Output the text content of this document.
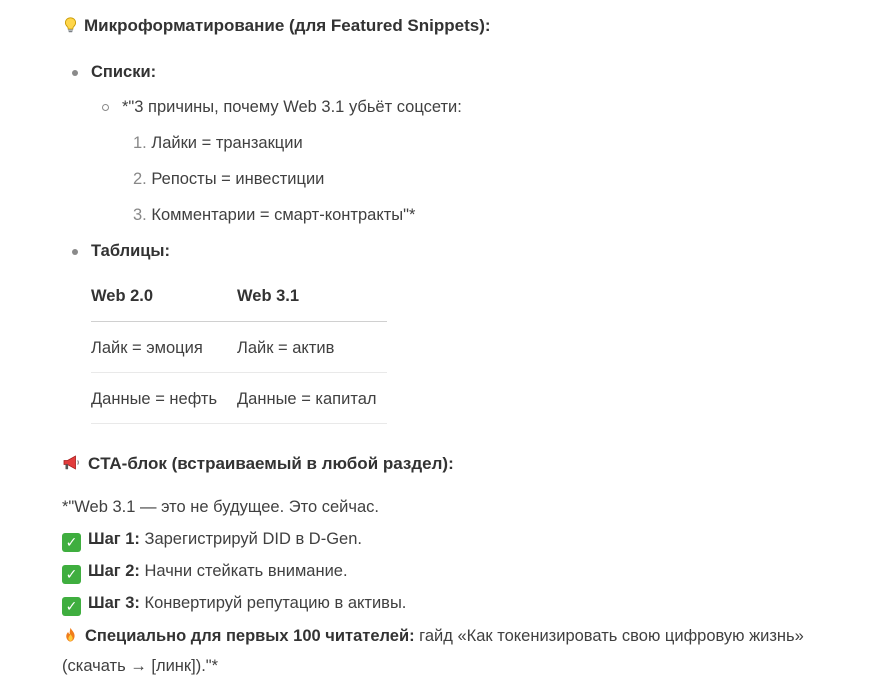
Микроформатирование (для Featured Snippets):
Списки:
*"3 причины, почему Web 3.1 убьёт соцсети:
1. Лайки = транзакции
2. Репосты = инвестиции
3. Комментарии = смарт-контракты"*
Таблицы:
Web 2.0	Web 3.1
Лайк = эмоция Лайк = актив
Данные = нефть Данные = капитал
CTA-блок (встраиваемый в любой раздел):
*"Web 3.1 — это не будущее. Это сейчас.
✓ Шаг 1: Зарегистрируй DID в D-Gen.
✓ Шаг 2: Начни стейкать внимание.
✓ Шаг 3: Конвертируй репутацию в активы.
Специально для первых 100 читателей: гайд «Как токенизировать свою цифровую жизнь»
(скачать → [линк])."*
